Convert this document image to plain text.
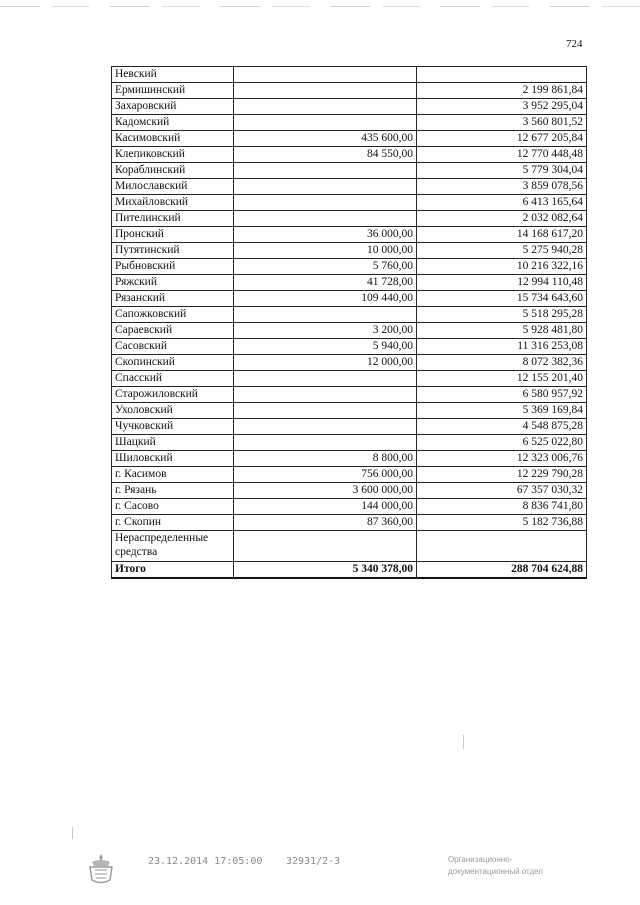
724
Невский		
Ермишинский		2 199 861,84
Захаровский		3 952 295,04
Кадомский		3 560 801,52
Касимовский	435 600,00	12 677 205,84
Клепиковский	84 550,00	12 770 448,48
Кораблинский		5 779 304,04
Милославский		3 859 078,56
Михайловский		6 413 165,64
Пителинский		2 032 082,64
Пронский	36 000,00	14 168 617,20
Путятинский	10 000,00	5 275 940,28
Рыбновский	5 760,00	10 216 322,16
Ряжский	41 728,00	12 994 110,48
Рязанский	109 440,00	15 734 643,60
Сапожковский		5 518 295,28
Сараевский	3 200,00	5 928 481,80
Сасовский	5 940,00	11 316 253,08
Скопинский	12 000,00	8 072 382,36
Спасский		12 155 201,40
Старожиловский		6 580 957,92
Ухоловский		5 369 169,84
Чучковский		4 548 875,28
Шацкий		6 525 022,80
Шиловский	8 800,00	12 323 006,76
г. Касимов	756 000,00	12 229 790,28
г. Рязань	3 600 000,00	67 357 030,32
г. Сасово	144 000,00	8 836 741,80
г. Скопин	87 360,00	5 182 736,88
Нераспределенные средства		
Итого	5 340 378,00	288 704 624,88
23.12.2014 17:05:00 32931/2-3	Организационно-
документационный отдел
